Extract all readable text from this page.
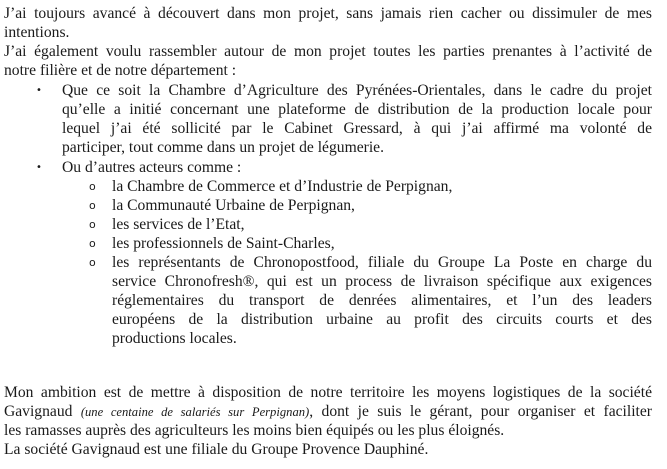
J’ai toujours avancé à découvert dans mon projet, sans jamais rien cacher ou dissimuler de mes
intentions.
J’ai également voulu rassembler autour de mon projet toutes les parties prenantes à l’activité de
notre filière et de notre département :
• Que ce soit la Chambre d’Agriculture des Pyrénées-Orientales, dans le cadre du projet
qu’elle a initié concernant une plateforme de distribution de la production locale pour
lequel j’ai été sollicité par le Cabinet Gressard, à qui j’ai affirmé ma volonté de
participer, tout comme dans un projet de légumerie.
• Ou d’autres acteurs comme :
o la Chambre de Commerce et d’Industrie de Perpignan,
o la Communauté Urbaine de Perpignan,
o les services de l’Etat,
o les professionnels de Saint-Charles,
o les représentants de Chronopostfood, filiale du Groupe La Poste en charge du
service Chronofresh®, qui est un process de livraison spécifique aux exigences
réglementaires du transport de denrées alimentaires, et l’un des leaders
européens de la distribution urbaine au profit des circuits courts et des
productions locales.
Mon ambition est de mettre à disposition de notre territoire les moyens logistiques de la société
Gavignaud (une centaine de salariés sur Perpignan), dont je suis le gérant, pour organiser et faciliter
les ramasses auprès des agriculteurs les moins bien équipés ou les plus éloignés.
La société Gavignaud est une filiale du Groupe Provence Dauphiné.
